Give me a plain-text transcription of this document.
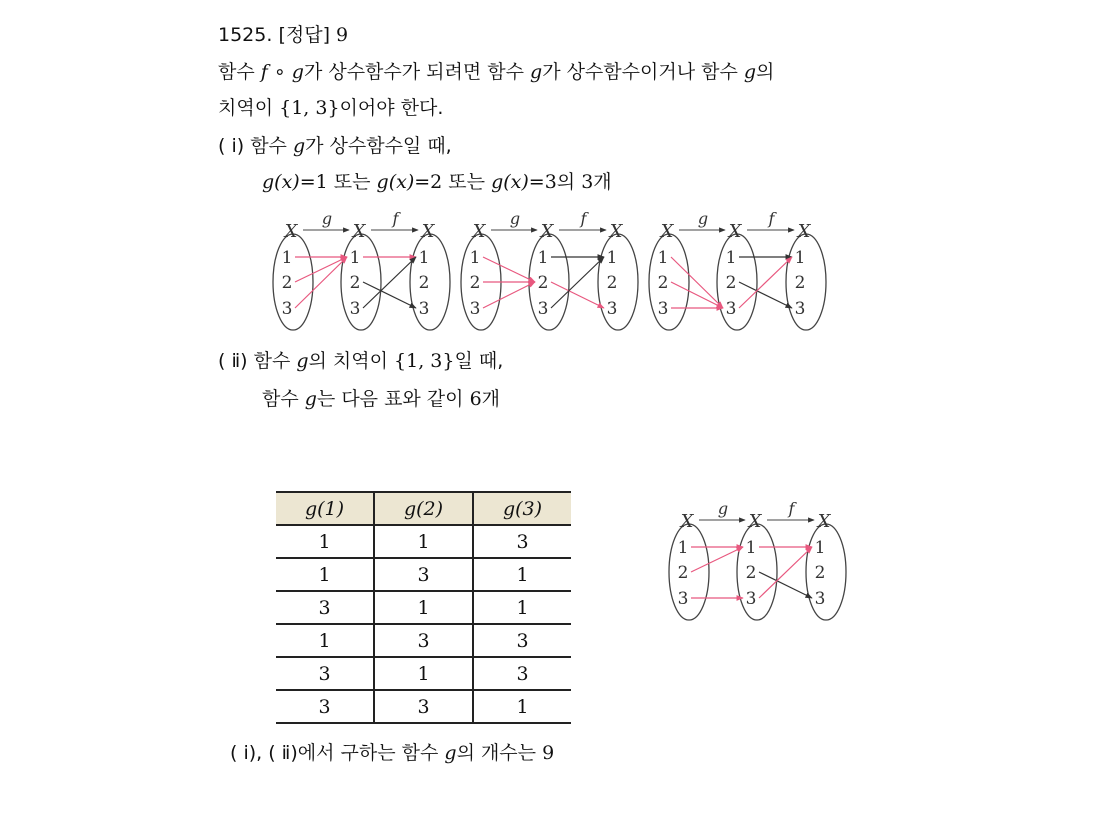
1525. [정답] 9
함수 f ∘ g가 상수함수가 되려면 함수 g가 상수함수이거나 함수 g의
치역이 {1, 3}이어야 한다.
( ⅰ) 함수 g가 상수함수일 때,
g(x)=1 또는 g(x)=2 또는 g(x)=3의 3개
X
1
2
3
X
1
2
3
X
1
2
3
g	f
X
1
2
3
X
1
2
3
X
1
2
3
g	f
X
1
2
3
X
1
2
3
X
1
2
3
g	f
( ⅱ) 함수 g의 치역이 {1, 3}일 때,
함수 g는 다음 표와 같이 6개
g(1)	g(2)	g(3)
1	1	3
1	3	1
3	1	1
1	3	3
3	1	3
3	3	1
X
1
2
3
X
1
2
3
X
1
2
3
g	f
( ⅰ), ( ⅱ)에서 구하는 함수 g의 개수는 9
